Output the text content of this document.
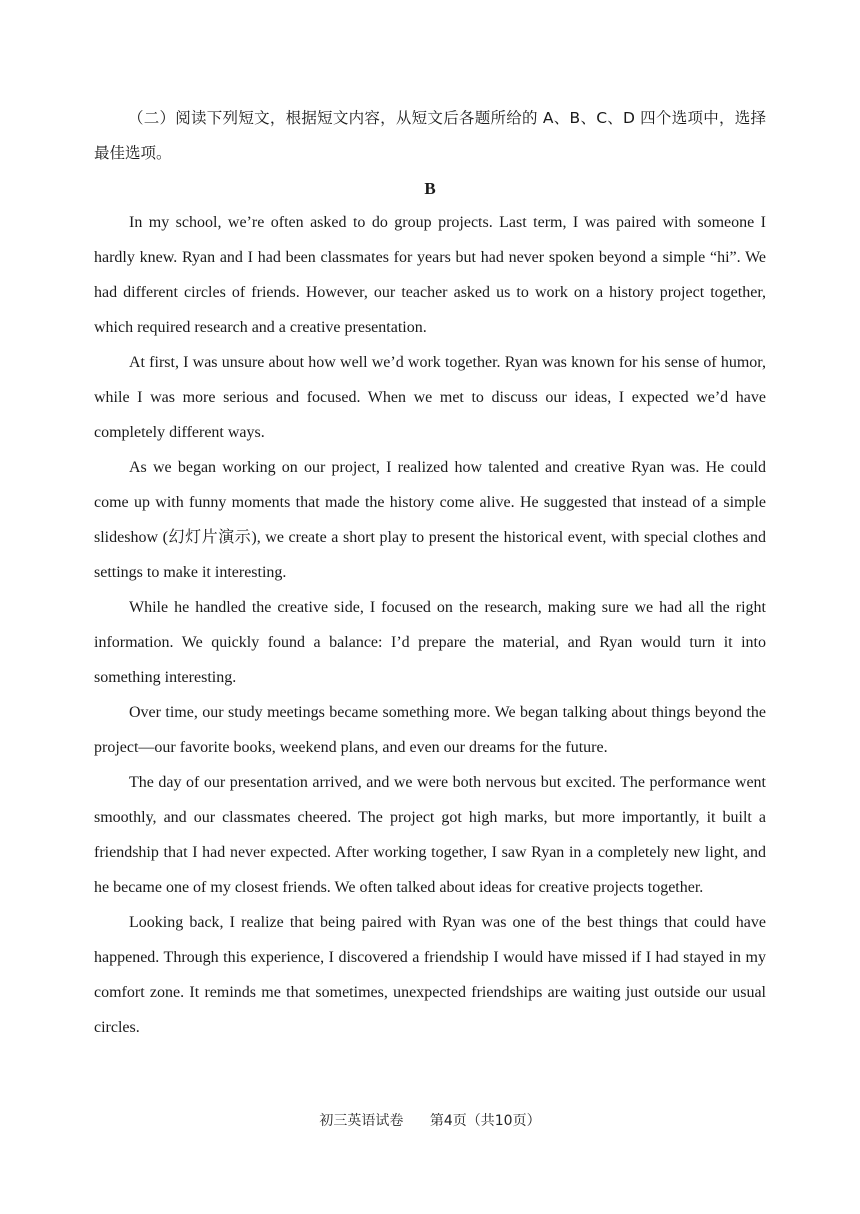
（二）阅读下列短文，根据短文内容，从短文后各题所给的 A、B、C、D 四个选项中，选择最佳选项。

B

In my school, we’re often asked to do group projects. Last term, I was paired with someone I hardly knew. Ryan and I had been classmates for years but had never spoken beyond a simple “hi”. We had different circles of friends. However, our teacher asked us to work on a history project together, which required research and a creative presentation.

At first, I was unsure about how well we’d work together. Ryan was known for his sense of humor, while I was more serious and focused. When we met to discuss our ideas, I expected we’d have completely different ways.

As we began working on our project, I realized how talented and creative Ryan was. He could come up with funny moments that made the history come alive. He suggested that instead of a simple slideshow (幻灯片演示), we create a short play to present the historical event, with special clothes and settings to make it interesting.

While he handled the creative side, I focused on the research, making sure we had all the right information. We quickly found a balance: I’d prepare the material, and Ryan would turn it into something interesting.

Over time, our study meetings became something more. We began talking about things beyond the project—our favorite books, weekend plans, and even our dreams for the future.

The day of our presentation arrived, and we were both nervous but excited. The performance went smoothly, and our classmates cheered. The project got high marks, but more importantly, it built a friendship that I had never expected. After working together, I saw Ryan in a completely new light, and he became one of my closest friends. We often talked about ideas for creative projects together.

Looking back, I realize that being paired with Ryan was one of the best things that could have happened. Through this experience, I discovered a friendship I would have missed if I had stayed in my comfort zone. It reminds me that sometimes, unexpected friendships are waiting just outside our usual circles.

初三英语试卷 第4页（共10页）
